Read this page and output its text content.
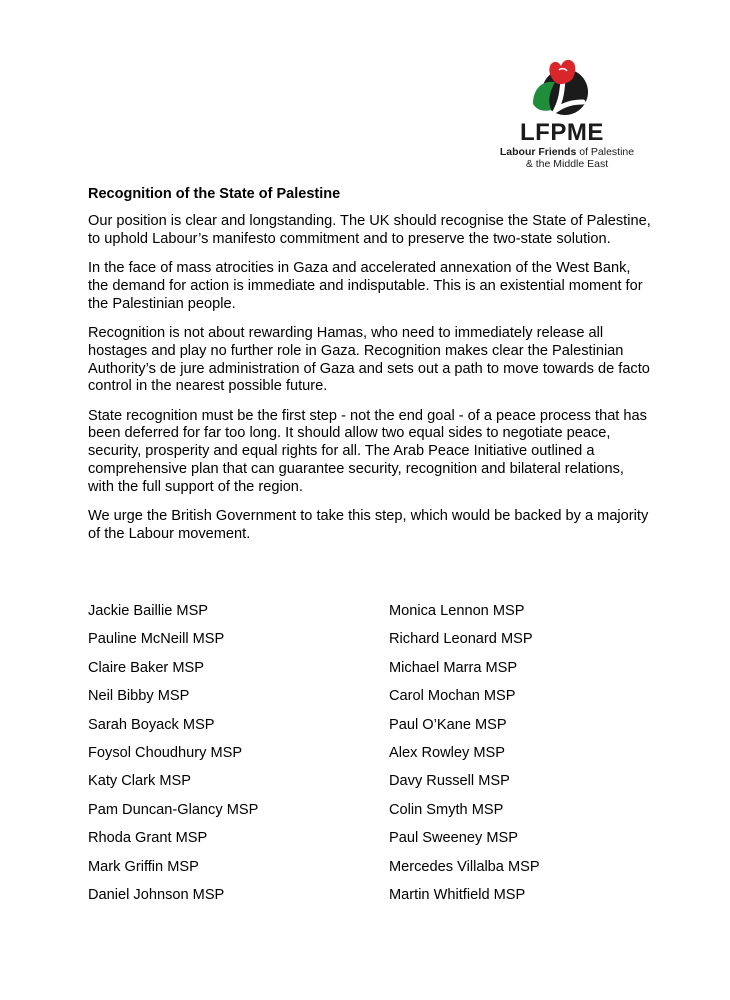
LFPME
Labour Friends of Palestine
& the Middle East
Recognition of the State of Palestine

Our position is clear and longstanding. The UK should recognise the State of Palestine, to uphold Labour’s manifesto commitment and to preserve the two-state solution.

In the face of mass atrocities in Gaza and accelerated annexation of the West Bank, the demand for action is immediate and indisputable. This is an existential moment for the Palestinian people.

Recognition is not about rewarding Hamas, who need to immediately release all hostages and play no further role in Gaza. Recognition makes clear the Palestinian Authority’s de jure administration of Gaza and sets out a path to move towards de facto control in the nearest possible future.

State recognition must be the first step - not the end goal - of a peace process that has been deferred for far too long. It should allow two equal sides to negotiate peace, security, prosperity and equal rights for all. The Arab Peace Initiative outlined a comprehensive plan that can guarantee security, recognition and bilateral relations, with the full support of the region.

We urge the British Government to take this step, which would be backed by a majority of the Labour movement.

Jackie Baillie MSP
Pauline McNeill MSP
Claire Baker MSP
Neil Bibby MSP
Sarah Boyack MSP
Foysol Choudhury MSP
Katy Clark MSP
Pam Duncan-Glancy MSP
Rhoda Grant MSP
Mark Griffin MSP
Daniel Johnson MSP
Monica Lennon MSP
Richard Leonard MSP
Michael Marra MSP
Carol Mochan MSP
Paul O’Kane MSP
Alex Rowley MSP
Davy Russell MSP
Colin Smyth MSP
Paul Sweeney MSP
Mercedes Villalba MSP
Martin Whitfield MSP
